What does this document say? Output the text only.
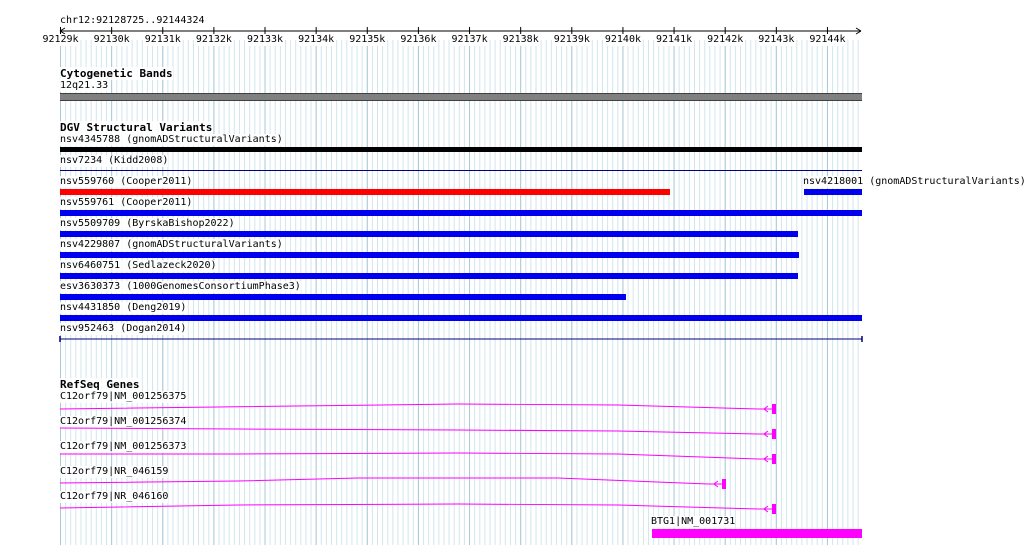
chr12:92128725..92144324
92129k 92130k 92131k 92132k 92133k 92134k 92135k 92136k 92137k 92138k 92139k 92140k 92141k 92142k 92143k 92144k
Cytogenetic Bands
12q21.33
DGV Structural Variants
nsv4345788 (gnomADStructuralVariants)
nsv7234 (Kidd2008)
nsv559760 (Cooper2011)	nsv4218001 (gnomADStructuralVariants)
nsv559761 (Cooper2011)
nsv5509709 (ByrskaBishop2022)
nsv4229807 (gnomADStructuralVariants)
nsv6460751 (Sedlazeck2020)
esv3630373 (1000GenomesConsortiumPhase3)
nsv4431850 (Deng2019)
nsv952463 (Dogan2014)
RefSeq Genes
C12orf79|NM_001256375
C12orf79|NM_001256374
C12orf79|NM_001256373
C12orf79|NR_046159
C12orf79|NR_046160
BTG1|NM_001731
